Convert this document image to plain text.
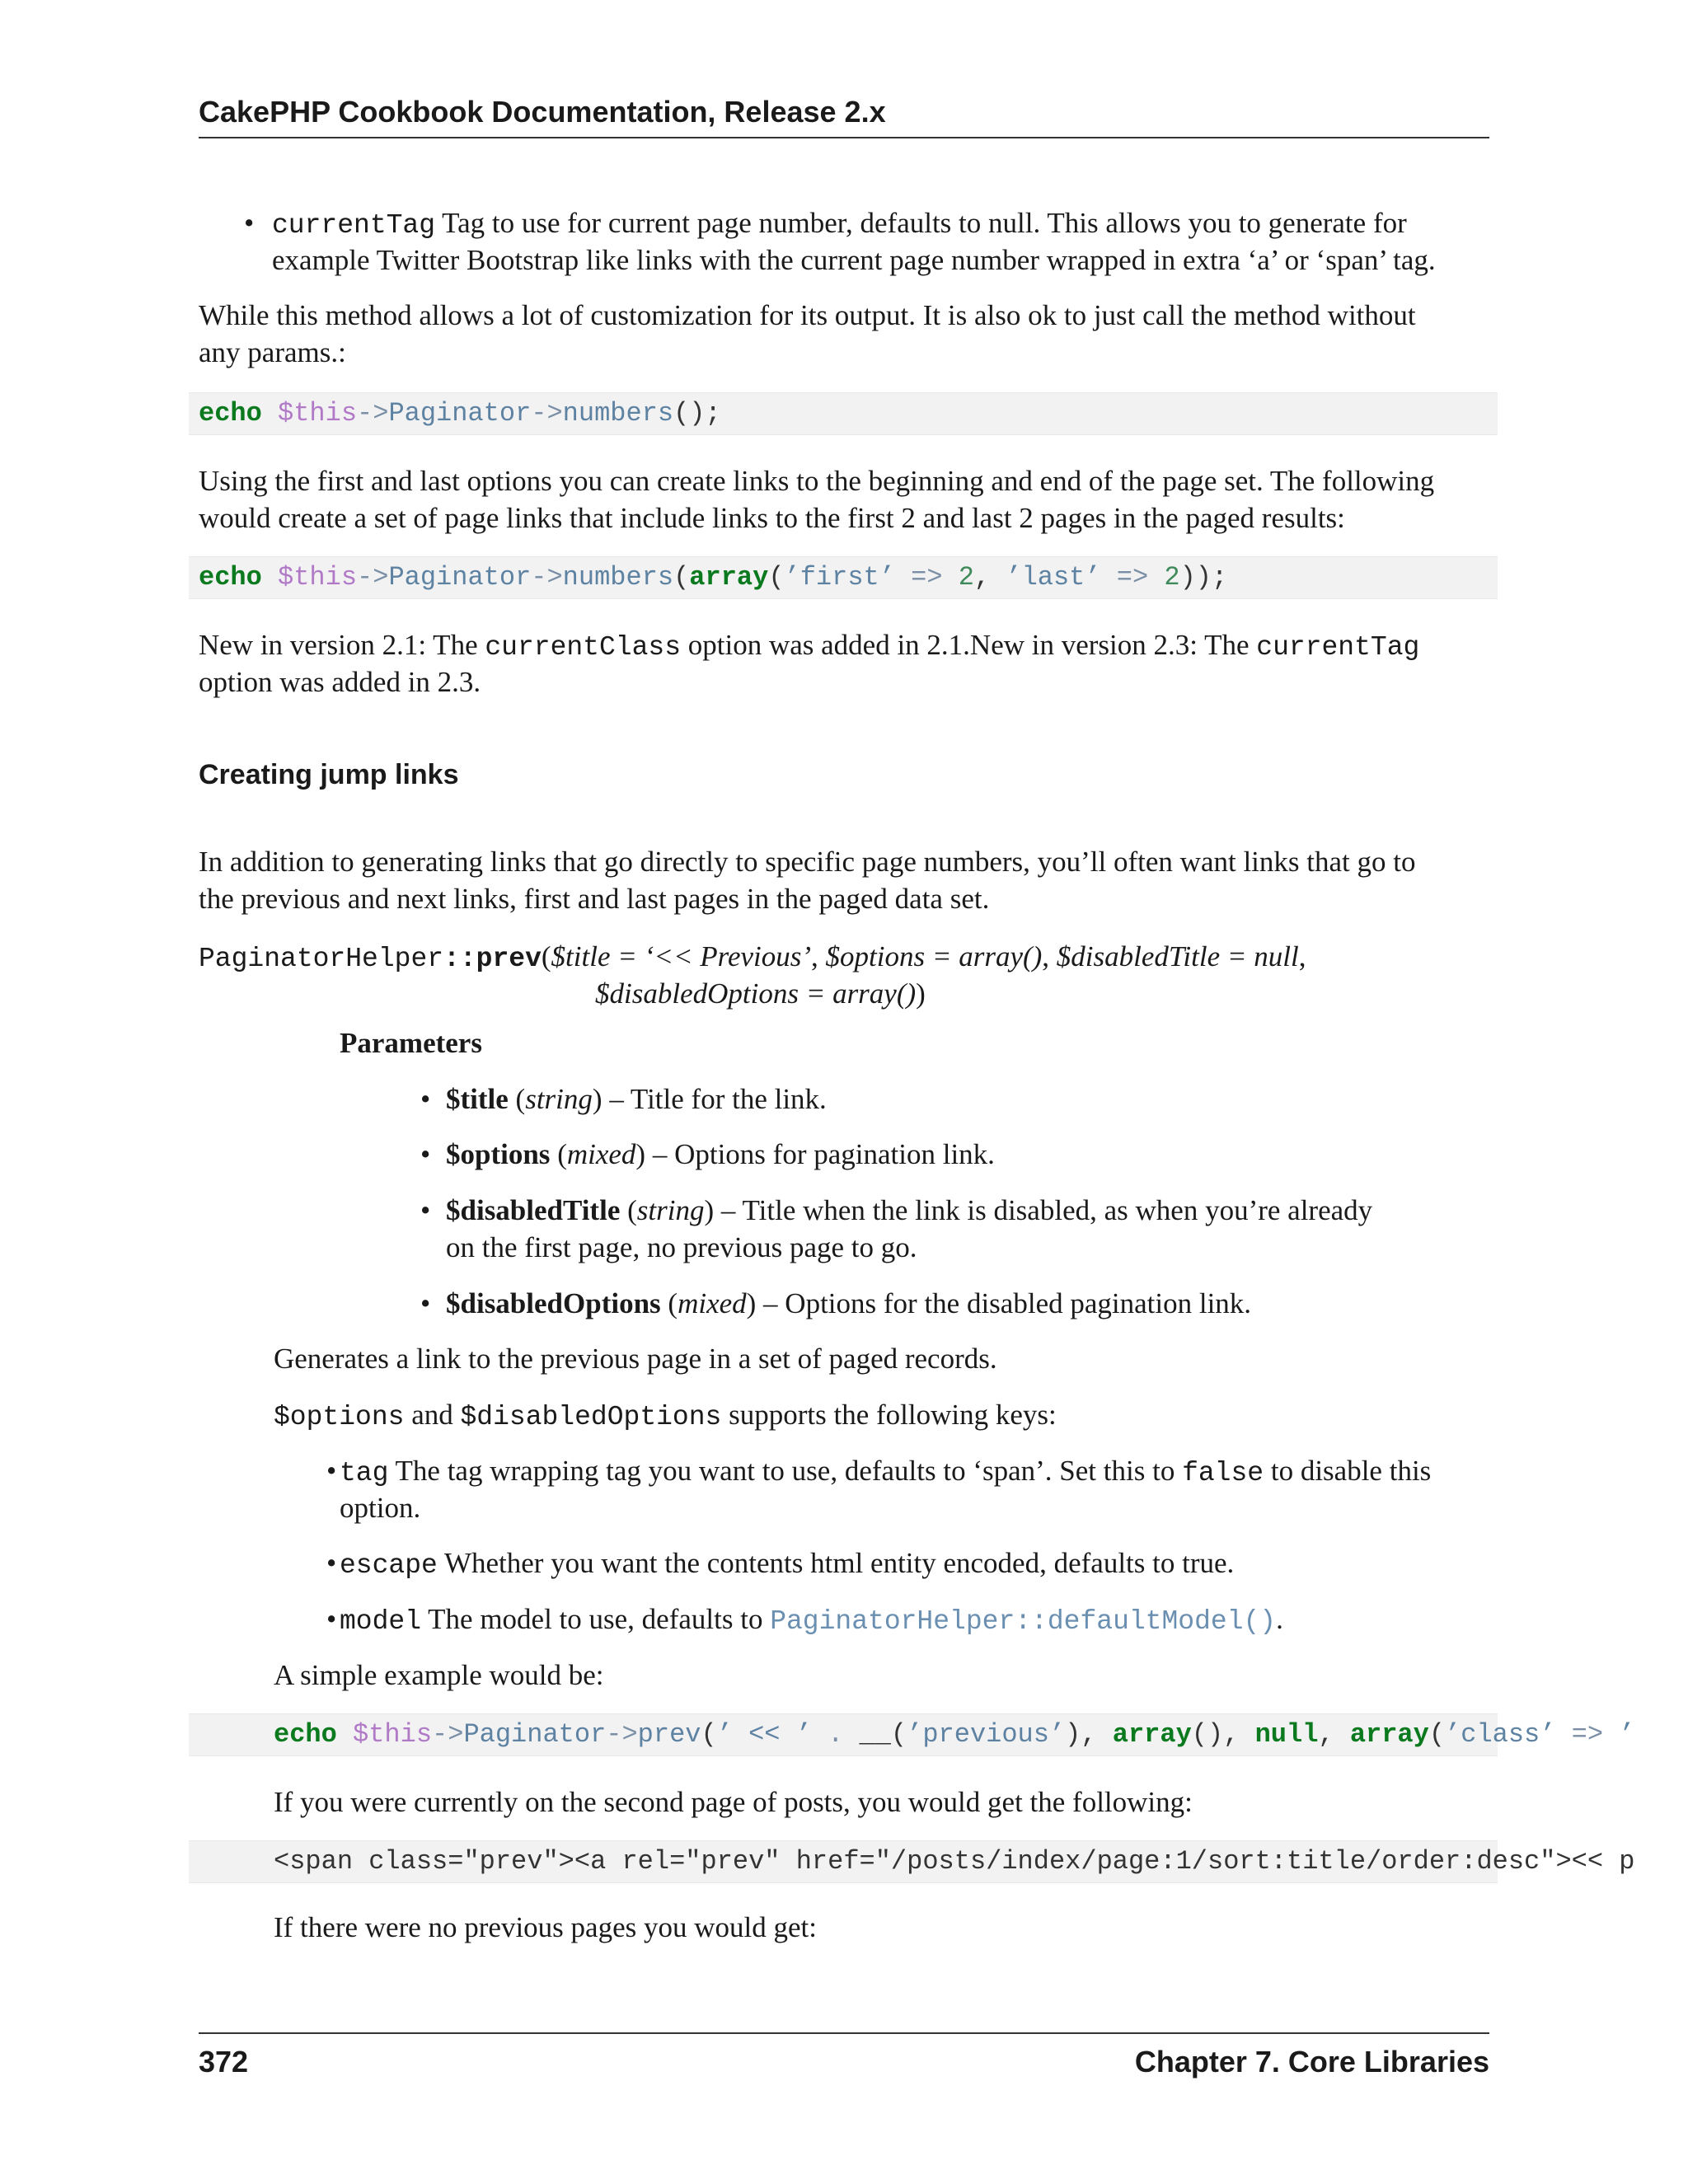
CakePHP Cookbook Documentation, Release 2.x
• currentTag Tag to use for current page number, defaults to null. This allows you to generate for

example Twitter Bootstrap like links with the current page number wrapped in extra ‘a’ or ‘span’ tag.

While this method allows a lot of customization for its output. It is also ok to just call the method without

any params.:

echo $this->Paginator->numbers();

Using the first and last options you can create links to the beginning and end of the page set. The following

would create a set of page links that include links to the first 2 and last 2 pages in the paged results:

echo $this->Paginator->numbers(array(’first’ => 2, ’last’ => 2));

New in version 2.1: The currentClass option was added in 2.1.New in version 2.3: The currentTag

option was added in 2.3.

Creating jump links

In addition to generating links that go directly to specific page numbers, you’ll often want links that go to

the previous and next links, first and last pages in the paged data set.

PaginatorHelper::prev($title = ‘<< Previous’, $options = array(), $disabledTitle = null,
$disabledOptions = array())
Parameters
• $title (string) – Title for the link.
• $options (mixed) – Options for pagination link.
• $disabledTitle (string) – Title when the link is disabled, as when you’re already
on the first page, no previous page to go.
• $disabledOptions (mixed) – Options for the disabled pagination link.

Generates a link to the previous page in a set of paged records.

$options and $disabledOptions supports the following keys:

• tag The tag wrapping tag you want to use, defaults to ‘span’. Set this to false to disable this

option.

• escape Whether you want the contents html entity encoded, defaults to true.

• model The model to use, defaults to PaginatorHelper::defaultModel().

A simple example would be:

echo $this->Paginator->prev(’ << ’ . __(’previous’), array(), null, array(’class’ => ’

If you were currently on the second page of posts, you would get the following:

<span class="prev"><a rel="prev" href="/posts/index/page:1/sort:title/order:desc"><< p

If there were no previous pages you would get:

372	Chapter 7. Core Libraries
